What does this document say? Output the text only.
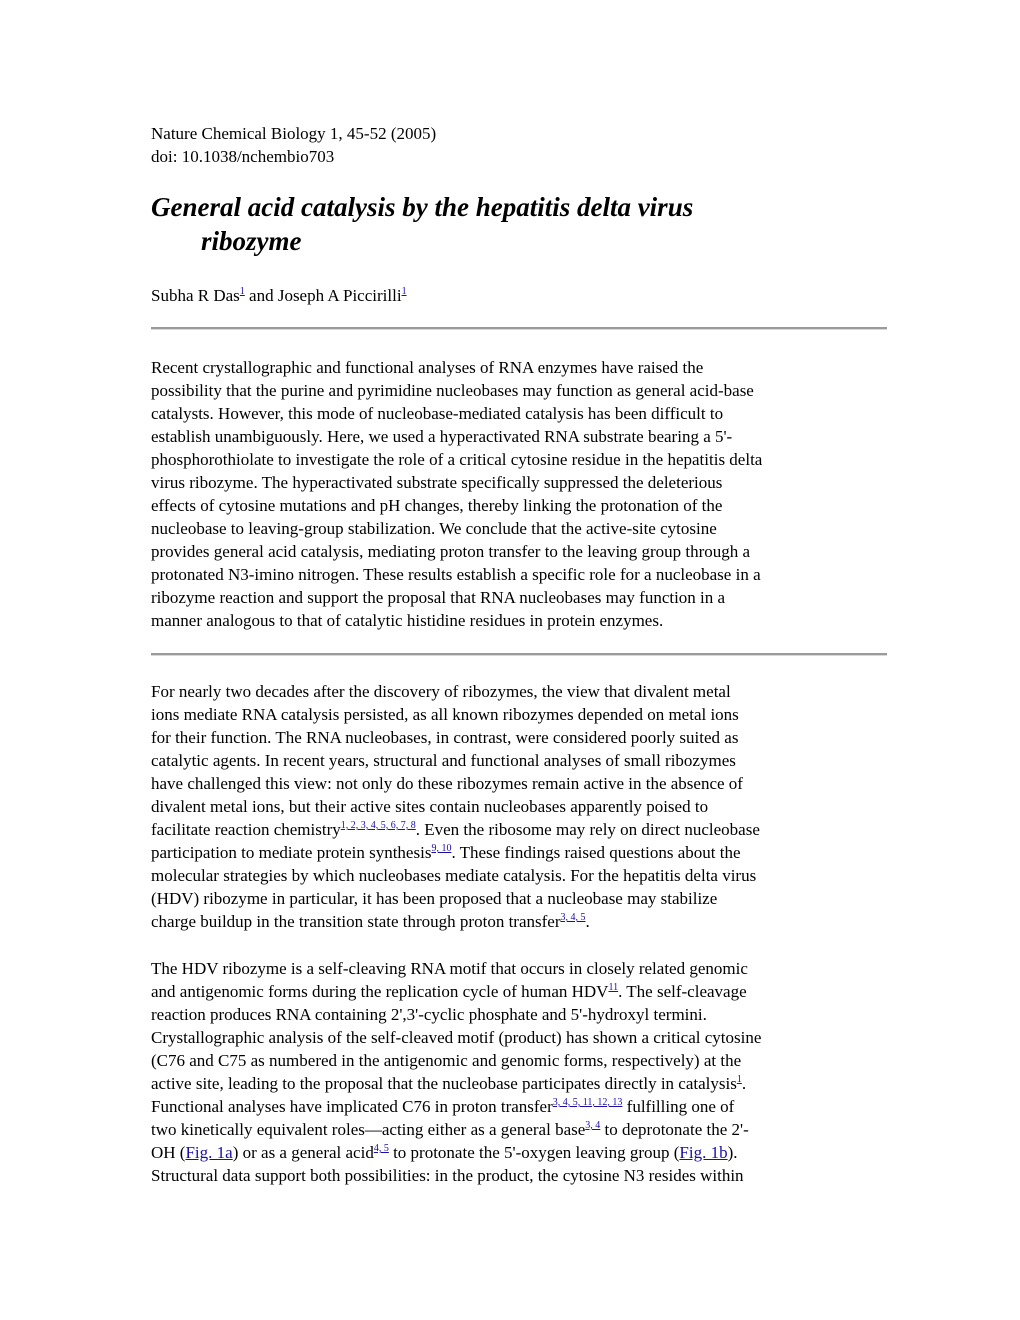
Nature Chemical Biology 1, 45-52 (2005)
doi: 10.1038/nchembio703
General acid catalysis by the hepatitis delta virus
ribozyme
Subha R Das$^1$ and Joseph A Piccirilli$^1$

Recent crystallographic and functional analyses of RNA enzymes have raised the
possibility that the purine and pyrimidine nucleobases may function as general acid-base
catalysts. However, this mode of nucleobase-mediated catalysis has been difficult to
establish unambiguously. Here, we used a hyperactivated RNA substrate bearing a 5'-
phosphorothiolate to investigate the role of a critical cytosine residue in the hepatitis delta
virus ribozyme. The hyperactivated substrate specifically suppressed the deleterious
effects of cytosine mutations and pH changes, thereby linking the protonation of the
nucleobase to leaving-group stabilization. We conclude that the active-site cytosine
provides general acid catalysis, mediating proton transfer to the leaving group through a
protonated N3-imino nitrogen. These results establish a specific role for a nucleobase in a
ribozyme reaction and support the proposal that RNA nucleobases may function in a
manner analogous to that of catalytic histidine residues in protein enzymes.

For nearly two decades after the discovery of ribozymes, the view that divalent metal
ions mediate RNA catalysis persisted, as all known ribozymes depended on metal ions
for their function. The RNA nucleobases, in contrast, were considered poorly suited as
catalytic agents. In recent years, structural and functional analyses of small ribozymes
have challenged this view: not only do these ribozymes remain active in the absence of
divalent metal ions, but their active sites contain nucleobases apparently poised to
facilitate reaction chemistry$^{1, 2, 3, 4, 5, 6, 7, 8}$. Even the ribosome may rely on direct nucleobase
participation to mediate protein synthesis$^{9, 10}$. These findings raised questions about the
molecular strategies by which nucleobases mediate catalysis. For the hepatitis delta virus
(HDV) ribozyme in particular, it has been proposed that a nucleobase may stabilize
charge buildup in the transition state through proton transfer$^{3, 4, 5}$.

The HDV ribozyme is a self-cleaving RNA motif that occurs in closely related genomic
and antigenomic forms during the replication cycle of human HDV$^{11}$. The self-cleavage
reaction produces RNA containing 2',3'-cyclic phosphate and 5'-hydroxyl termini.
Crystallographic analysis of the self-cleaved motif (product) has shown a critical cytosine
(C76 and C75 as numbered in the antigenomic and genomic forms, respectively) at the
active site, leading to the proposal that the nucleobase participates directly in catalysis$^1$.
Functional analyses have implicated C76 in proton transfer$^{3, 4, 5, 11, 12, 13}$ fulfilling one of
two kinetically equivalent roles—acting either as a general base$^{3, 4}$ to deprotonate the 2'-
OH (Fig. 1a) or as a general acid$^{4, 5}$ to protonate the 5'-oxygen leaving group (Fig. 1b).
Structural data support both possibilities: in the product, the cytosine N3 resides within
